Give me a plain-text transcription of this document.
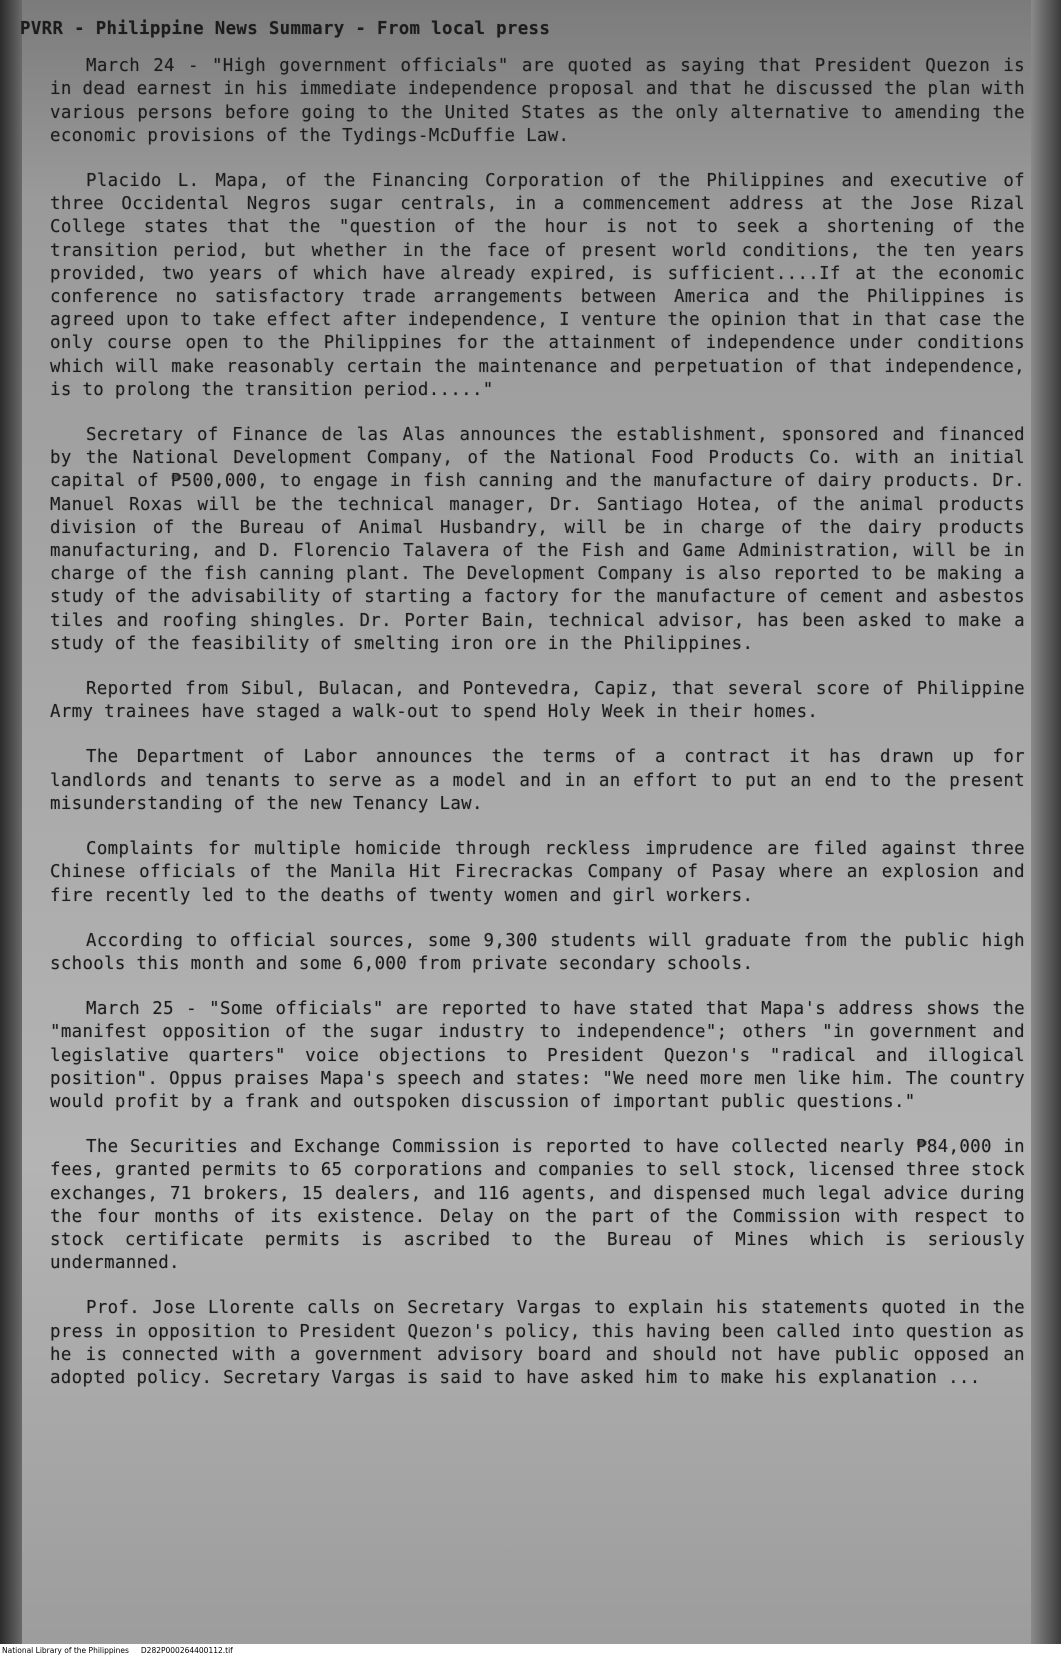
PVRR - Philippine News Summary - From local press

March 24 - "High government officials" are quoted as saying that President Quezon is in dead earnest in his immediate independence proposal and that he discussed the plan with various persons before going to the United States as the only alternative to amending the economic provisions of the Tydings-McDuffie Law.

Placido L. Mapa, of the Financing Corporation of the Philippines and executive of three Occidental Negros sugar centrals, in a commencement address at the Jose Rizal College states that the "question of the hour is not to seek a shortening of the transition period, but whether in the face of present world conditions, the ten years provided, two years of which have already expired, is sufficient....If at the economic conference no satisfactory trade arrangements between America and the Philippines is agreed upon to take effect after independence, I venture the opinion that in that case the only course open to the Philippines for the attainment of independence under conditions which will make reasonably certain the maintenance and perpetuation of that independence, is to prolong the transition period....."

Secretary of Finance de las Alas announces the establishment, sponsored and financed by the National Development Company, of the National Food Products Co. with an initial capital of ₱500,000, to engage in fish canning and the manufacture of dairy products. Dr. Manuel Roxas will be the technical manager, Dr. Santiago Hotea, of the animal products division of the Bureau of Animal Husbandry, will be in charge of the dairy products manufacturing, and D. Florencio Talavera of the Fish and Game Administration, will be in charge of the fish canning plant. The Development Company is also reported to be making a study of the advisability of starting a factory for the manufacture of cement and asbestos tiles and roofing shingles. Dr. Porter Bain, technical advisor, has been asked to make a study of the feasibility of smelting iron ore in the Philippines.

Reported from Sibul, Bulacan, and Pontevedra, Capiz, that several score of Philippine Army trainees have staged a walk-out to spend Holy Week in their homes.

The Department of Labor announces the terms of a contract it has drawn up for landlords and tenants to serve as a model and in an effort to put an end to the present misunderstanding of the new Tenancy Law.

Complaints for multiple homicide through reckless imprudence are filed against three Chinese officials of the Manila Hit Firecrackas Company of Pasay where an explosion and fire recently led to the deaths of twenty women and girl workers.

According to official sources, some 9,300 students will graduate from the public high schools this month and some 6,000 from private secondary schools.

March 25 - "Some officials" are reported to have stated that Mapa's address shows the "manifest opposition of the sugar industry to independence"; others "in government and legislative quarters" voice objections to President Quezon's "radical and illogical position". Oppus praises Mapa's speech and states: "We need more men like him. The country would profit by a frank and outspoken discussion of important public questions."

The Securities and Exchange Commission is reported to have collected nearly ₱84,000 in fees, granted permits to 65 corporations and companies to sell stock, licensed three stock exchanges, 71 brokers, 15 dealers, and 116 agents, and dispensed much legal advice during the four months of its existence. Delay on the part of the Commission with respect to stock certificate permits is ascribed to the Bureau of Mines which is seriously undermanned.

Prof. Jose Llorente calls on Secretary Vargas to explain his statements quoted in the press in opposition to President Quezon's policy, this having been called into question as he is connected with a government advisory board and should not have public opposed an adopted policy. Secretary Vargas is said to have asked him to make his explanation ...

National Library of the Philippines D282P000264400112.tif
